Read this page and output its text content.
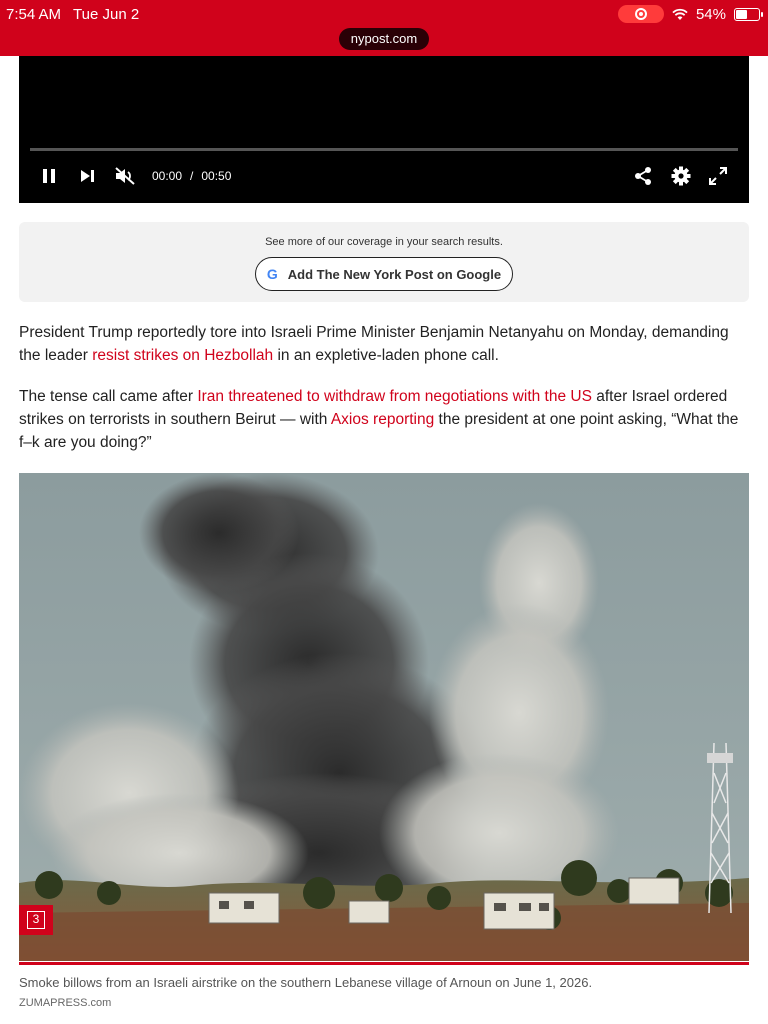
7:54 AM Tue Jun 2	54%
nypost.com
00:00 / 00:50
See more of our coverage in your search results.
G Add The New York Post on Google

President Trump reportedly tore into Israeli Prime Minister Benjamin Netanyahu on Monday, demanding the leader resist strikes on Hezbollah in an expletive-laden phone call.

The tense call came after Iran threatened to withdraw from negotiations with the US after Israel ordered strikes on terrorists in southern Beirut — with Axios reporting the president at one point asking, “What the f–k are you doing?”

3
Smoke billows from an Israeli airstrike on the southern Lebanese village of Arnoun on June 1, 2026.
ZUMAPRESS.com
